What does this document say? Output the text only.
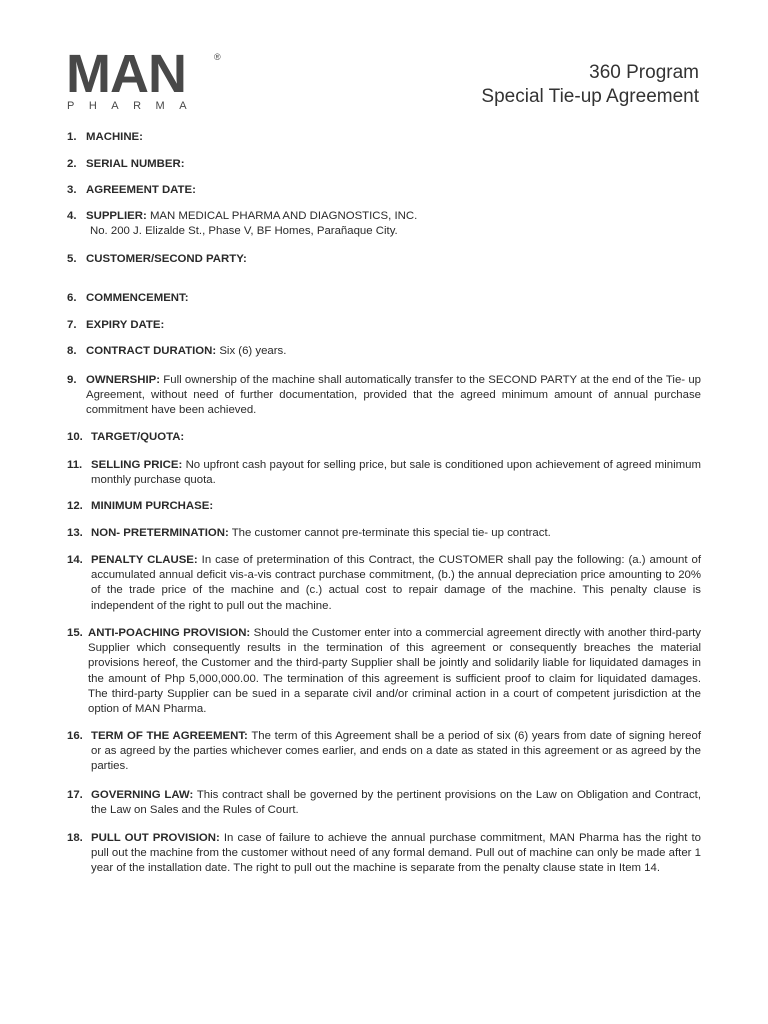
MAN	®
PHARMA
360 Program
Special Tie-up Agreement
1. MACHINE:
2. SERIAL NUMBER:
3. AGREEMENT DATE:
4. SUPPLIER: MAN MEDICAL PHARMA AND DIAGNOSTICS, INC.
No. 200 J. Elizalde St., Phase V, BF Homes, Parañaque City.
5. CUSTOMER/SECOND PARTY:
6. COMMENCEMENT:
7. EXPIRY DATE:
8. CONTRACT DURATION: Six (6) years.
9. OWNERSHIP: Full ownership of the machine shall automatically transfer to the SECOND PARTY at the end of the Tie- up Agreement, without need of further documentation, provided that the agreed minimum amount of annual purchase commitment have been achieved.
10. TARGET/QUOTA:
11. SELLING PRICE: No upfront cash payout for selling price, but sale is conditioned upon achievement of agreed minimum monthly purchase quota.
12. MINIMUM PURCHASE:
13. NON- PRETERMINATION: The customer cannot pre-terminate this special tie- up contract.
14. PENALTY CLAUSE: In case of pretermination of this Contract, the CUSTOMER shall pay the following: (a.) amount of accumulated annual deficit vis-a-vis contract purchase commitment, (b.) the annual depreciation price amounting to 20% of the trade price of the machine and (c.) actual cost to repair damage of the machine. This penalty clause is independent of the right to pull out the machine.
15. ANTI-POACHING PROVISION: Should the Customer enter into a commercial agreement directly with another third-party Supplier which consequently results in the termination of this agreement or consequently breaches the material provisions hereof, the Customer and the third-party Supplier shall be jointly and solidarily liable for liquidated damages in the amount of Php 5,000,000.00. The termination of this agreement is sufficient proof to claim for liquidated damages. The third-party Supplier can be sued in a separate civil and/or criminal action in a court of competent jurisdiction at the option of MAN Pharma.
16. TERM OF THE AGREEMENT: The term of this Agreement shall be a period of six (6) years from date of signing hereof or as agreed by the parties whichever comes earlier, and ends on a date as stated in this agreement or as agreed by the parties.
17. GOVERNING LAW: This contract shall be governed by the pertinent provisions on the Law on Obligation and Contract, the Law on Sales and the Rules of Court.
18. PULL OUT PROVISION: In case of failure to achieve the annual purchase commitment, MAN Pharma has the right to pull out the machine from the customer without need of any formal demand. Pull out of machine can only be made after 1 year of the installation date. The right to pull out the machine is separate from the penalty clause state in Item 14.
